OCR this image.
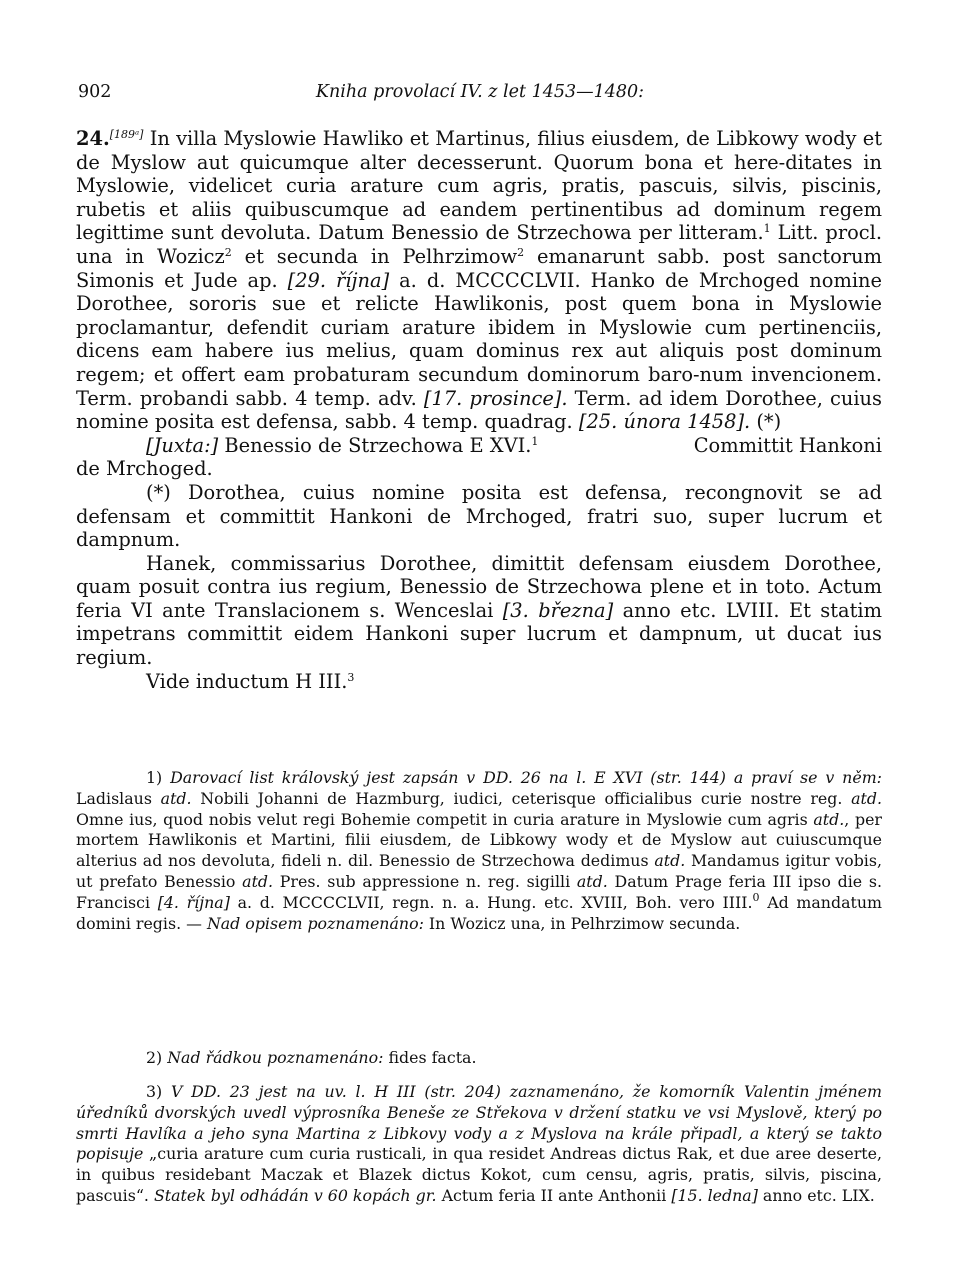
902	Kniha provolací IV. z let 1453—1480:

24.[189ᵃ] In villa Myslowie Hawliko et Martinus, filius eiusdem, de Libkowy wody et de Myslow aut quicumque alter decesserunt. Quorum bona et here-ditates in Myslowie, videlicet curia arature cum agris, pratis, pascuis, silvis, piscinis, rubetis et aliis quibuscumque ad eandem pertinentibus ad dominum regem legittime sunt devoluta. Datum Benessio de Strzechowa per litteram.$^1$ Litt. procl. una in Wozicz$^2$ et secunda in Pelhrzimow$^2$ emanarunt sabb. post sanctorum Simonis et Jude ap. [29. října] a. d. MCCCCLVII. Hanko de Mrchoged nomine Dorothee, sororis sue et relicte Hawlikonis, post quem bona in Myslowie proclamantur, defendit curiam arature ibidem in Myslowie cum pertinenciis, dicens eam habere ius melius, quam dominus rex aut aliquis post dominum regem; et offert eam probaturam secundum dominorum baro-num invencionem. Term. probandi sabb. 4 temp. adv. [17. prosince]. Term. ad idem Dorothee, cuius nomine posita est defensa, sabb. 4 temp. quadrag. [25. února 1458]. (*)

[Juxta:] Benessio de Strzechowa E XVI.$^1$	Committit Hankoni

de Mrchoged.

(*) Dorothea, cuius nomine posita est defensa, recongnovit se ad defensam et committit Hankoni de Mrchoged, fratri suo, super lucrum et dampnum.

Hanek, commissarius Dorothee, dimittit defensam eiusdem Dorothee, quam posuit contra ius regium, Benessio de Strzechowa plene et in toto. Actum feria VI ante Translacionem s. Wenceslai [3. března] anno etc. LVIII. Et statim impetrans committit eidem Hankoni super lucrum et dampnum, ut ducat ius regium.

Vide inductum H III.$^3$

1) Darovací list královský jest zapsán v DD. 26 na l. E XVI (str. 144) a praví se v něm: Ladislaus atd. Nobili Johanni de Hazmburg, iudici, ceterisque officialibus curie nostre reg. atd. Omne ius, quod nobis velut regi Bohemie competit in curia arature in Myslowie cum agris atd., per mortem Hawlikonis et Martini, filii eiusdem, de Libkowy wody et de Myslow aut cuiuscumque alterius ad nos devoluta, fideli n. dil. Benessio de Strzechowa dedimus atd. Mandamus igitur vobis, ut prefato Benessio atd. Pres. sub appressione n. reg. sigilli atd. Datum Prage feria III ipso die s. Francisci [4. října] a. d. MCCCCLVII, regn. n. a. Hung. etc. XVIII, Boh. vero IIII.$^0$ Ad mandatum domini regis. — Nad opisem poznamenáno: In Wozicz una, in Pelhrzimow secunda.

2) Nad řádkou poznamenáno: fides facta.

3) V DD. 23 jest na uv. l. H III (str. 204) zaznamenáno, že komorník Valentin jménem úředníků dvorských uvedl výprosníka Beneše ze Střekova v držení statku ve vsi Myslově, který po smrti Havlíka a jeho syna Martina z Libkovy vody a z Myslova na krále připadl, a který se takto popisuje „curia arature cum curia rusticali, in qua residet Andreas dictus Rak, et due aree deserte, in quibus residebant Maczak et Blazek dictus Kokot, cum censu, agris, pratis, silvis, piscina, pascuis“. Statek byl odhádán v 60 kopách gr. Actum feria II ante Anthonii [15. ledna] anno etc. LIX.
